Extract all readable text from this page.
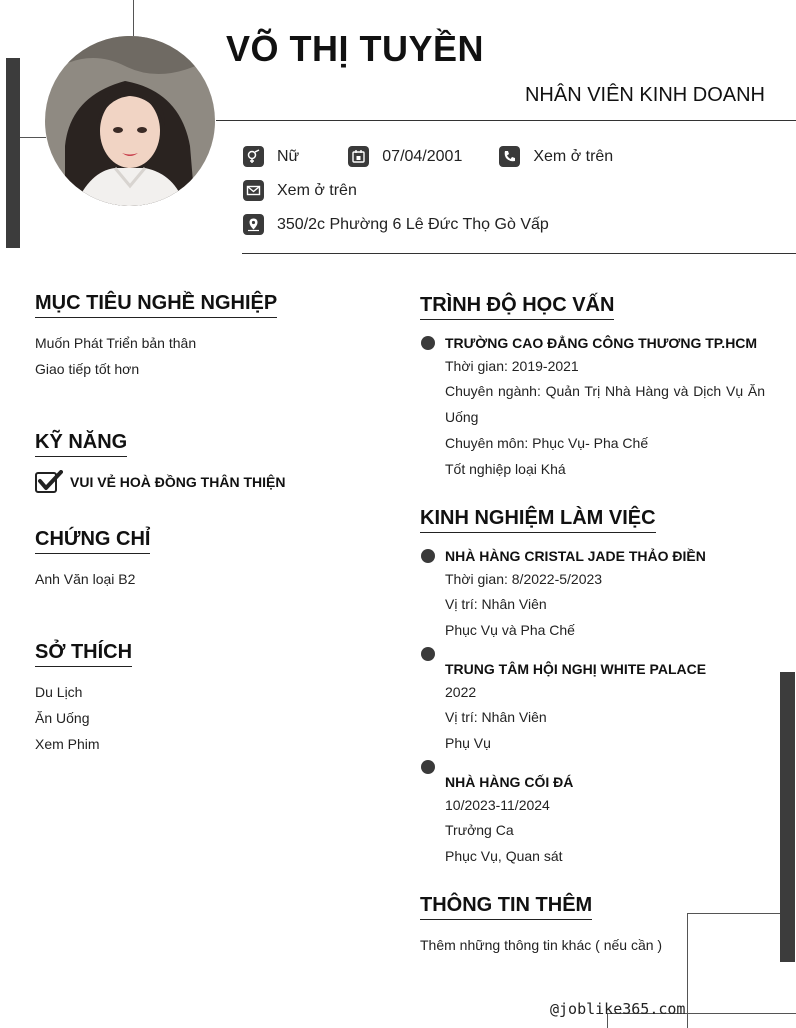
VÕ THỊ TUYỀN
NHÂN VIÊN KINH DOANH
Nữ	07/04/2001	Xem ở trên
Xem ở trên
350/2c Phường 6 Lê Đức Thọ Gò Vấp
MỤC TIÊU NGHỀ NGHIỆP
Muốn Phát Triển bản thân
Giao tiếp tốt hơn
KỸ NĂNG
VUI VẺ HOÀ ĐỒNG THÂN THIỆN
CHỨNG CHỈ
Anh Văn loại B2
SỞ THÍCH
Du Lịch
Ăn Uống
Xem Phim
TRÌNH ĐỘ HỌC VẤN
TRƯỜNG CAO ĐẲNG CÔNG THƯƠNG TP.HCM
Thời gian: 2019-2021
Chuyên ngành: Quản Trị Nhà Hàng và Dịch Vụ Ăn
Uống
Chuyên môn: Phục Vụ- Pha Chế
Tốt nghiệp loại Khá
KINH NGHIỆM LÀM VIỆC
NHÀ HÀNG CRISTAL JADE THẢO ĐIỀN
Thời gian: 8/2022-5/2023
Vị trí: Nhân Viên
Phục Vụ và Pha Chế
TRUNG TÂM HỘI NGHỊ WHITE PALACE
2022
Vị trí: Nhân Viên
Phụ Vụ
NHÀ HÀNG CỐI ĐÁ
10/2023-11/2024
Trưởng Ca
Phục Vụ, Quan sát
THÔNG TIN THÊM
Thêm những thông tin khác ( nếu cần )
@joblike365.com
